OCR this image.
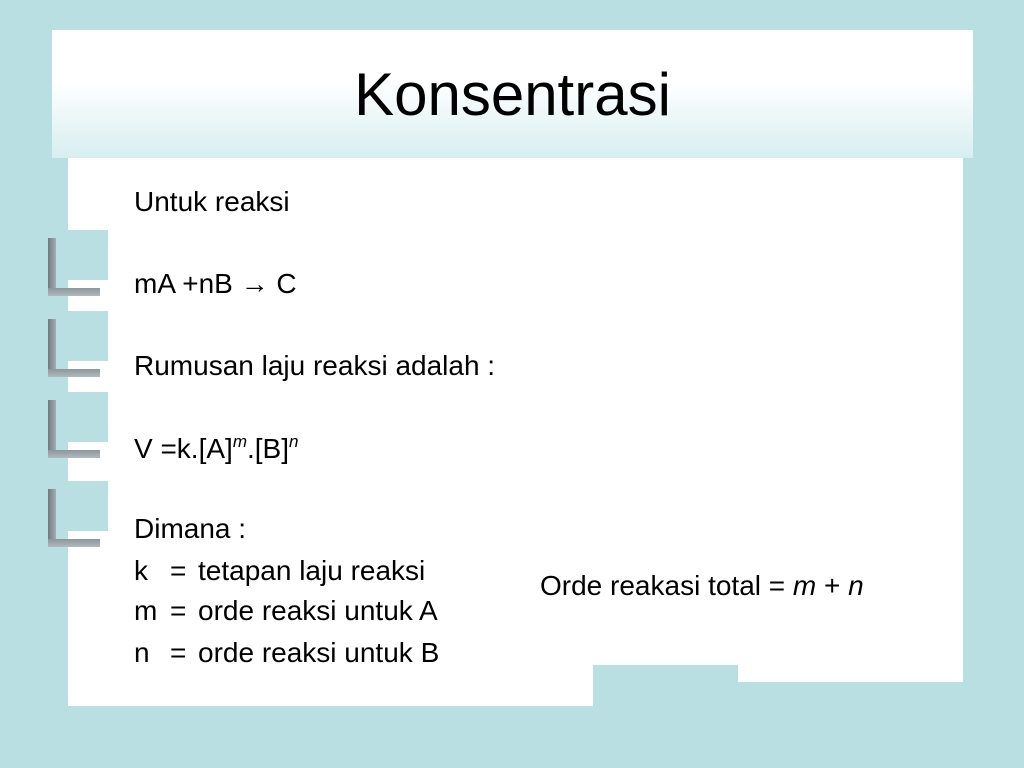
Konsentrasi
Untuk reaksi
mA +nB → C
Rumusan laju reaksi adalah :
$V =k.[A]^m.[B]^n$
Dimana :
k = tetapan laju reaksi
m = orde reaksi untuk A
n = orde reaksi untuk B
Orde reakasi total = m + n
